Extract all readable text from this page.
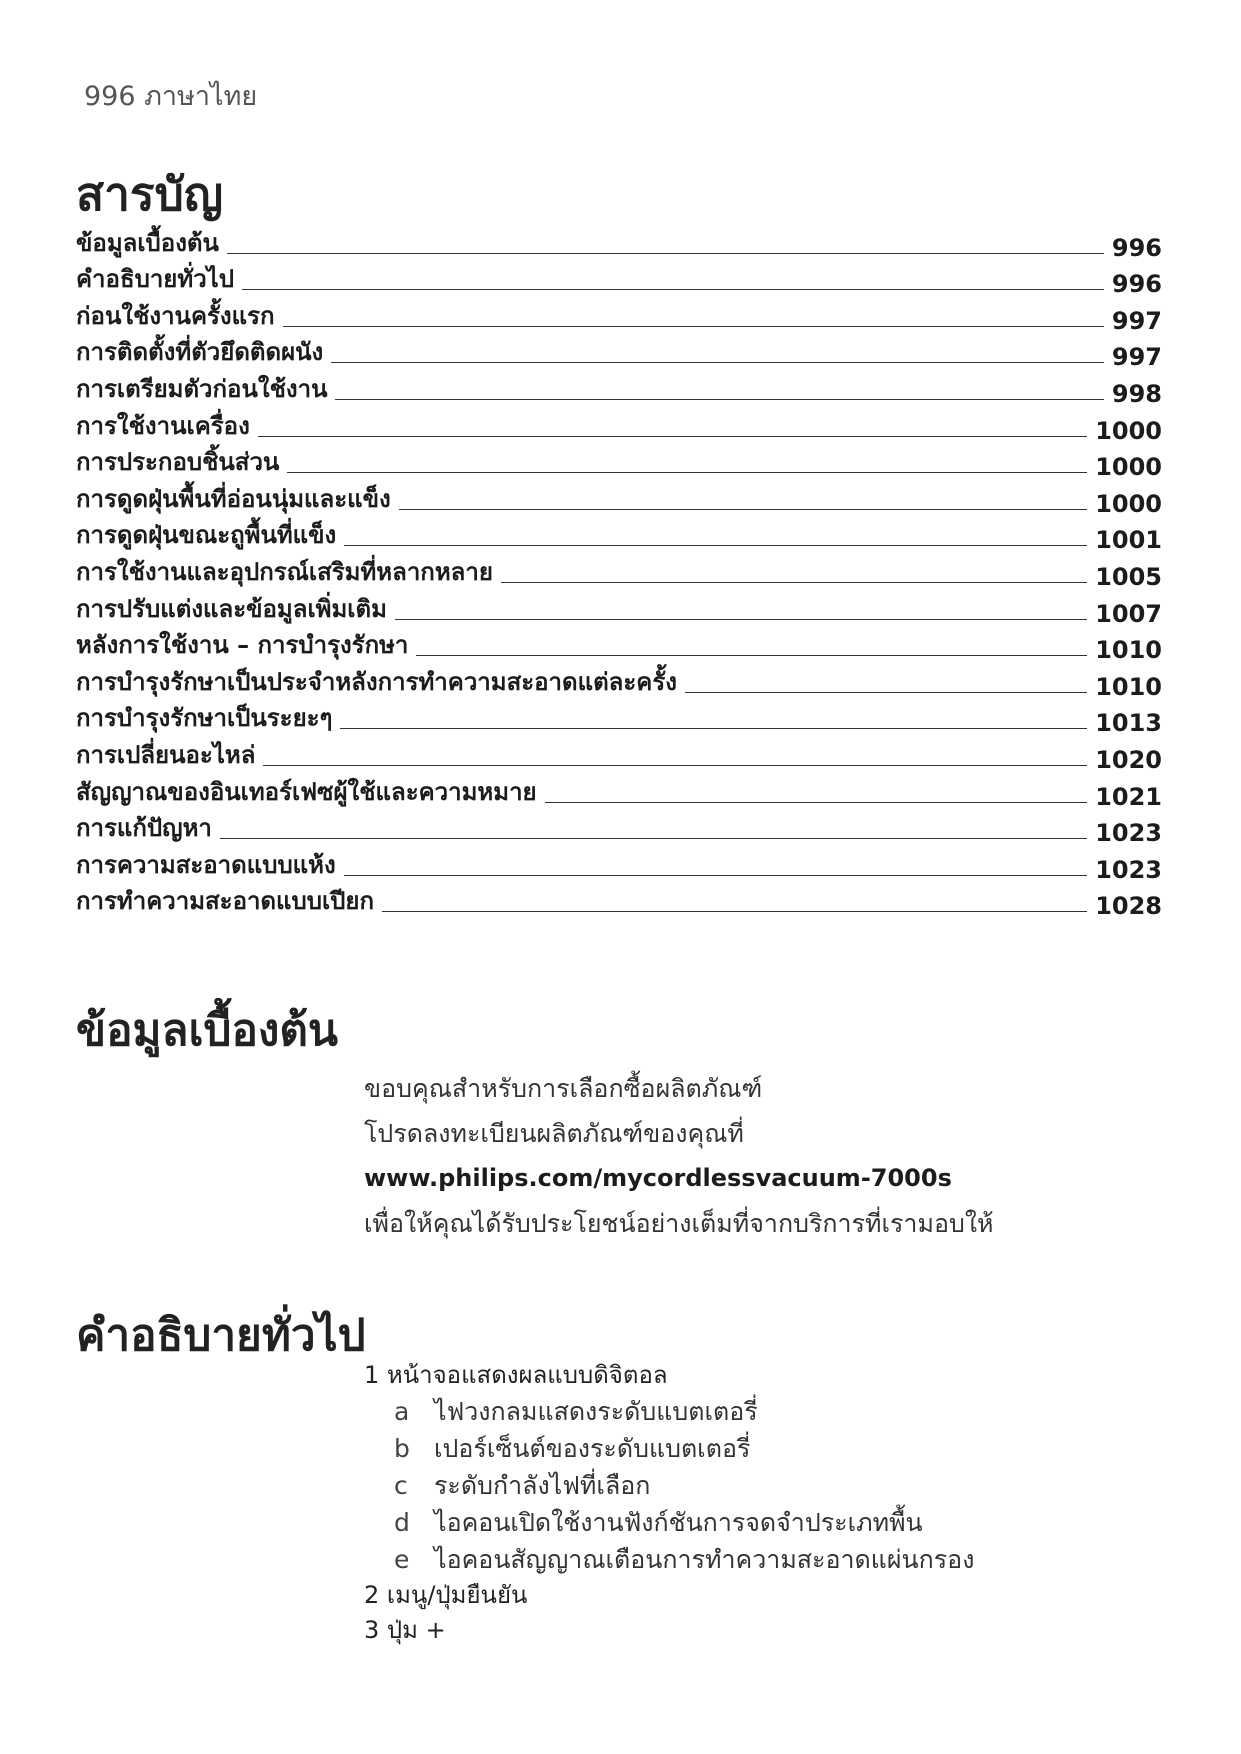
996 ภาษาไทย
สารบัญ
ข้อมูลเบื้องต้น	996
คำอธิบายทั่วไป	996
ก่อนใช้งานครั้งแรก	997
การติดตั้งที่ตัวยึดติดผนัง	997
การเตรียมตัวก่อนใช้งาน	998
การใช้งานเครื่อง	1000
การประกอบชิ้นส่วน	1000
การดูดฝุ่นพื้นที่อ่อนนุ่มและแข็ง	1000
การดูดฝุ่นขณะถูพื้นที่แข็ง	1001
การใช้งานและอุปกรณ์เสริมที่หลากหลาย	1005
การปรับแต่งและข้อมูลเพิ่มเติม	1007
หลังการใช้งาน – การบำรุงรักษา	1010
การบำรุงรักษาเป็นประจำหลังการทำความสะอาดแต่ละครั้ง	1010
การบำรุงรักษาเป็นระยะๆ	1013
การเปลี่ยนอะไหล่	1020
สัญญาณของอินเทอร์เฟซผู้ใช้และความหมาย	1021
การแก้ปัญหา	1023
การความสะอาดแบบแห้ง	1023
การทำความสะอาดแบบเปียก	1028
ข้อมูลเบื้องต้น
ขอบคุณสำหรับการเลือกซื้อผลิตภัณฑ์
โปรดลงทะเบียนผลิตภัณฑ์ของคุณที่
www.philips.com/mycordlessvacuum-7000s
เพื่อให้คุณได้รับประโยชน์อย่างเต็มที่จากบริการที่เรามอบให้
คำอธิบายทั่วไป
1 หน้าจอแสดงผลแบบดิจิตอล
a ไฟวงกลมแสดงระดับแบตเตอรี่
b เปอร์เซ็นต์ของระดับแบตเตอรี่
c ระดับกำลังไฟที่เลือก
d ไอคอนเปิดใช้งานฟังก์ชันการจดจำประเภทพื้น
e ไอคอนสัญญาณเตือนการทำความสะอาดแผ่นกรอง
2 เมนู/ปุ่มยืนยัน
3 ปุ่ม +
